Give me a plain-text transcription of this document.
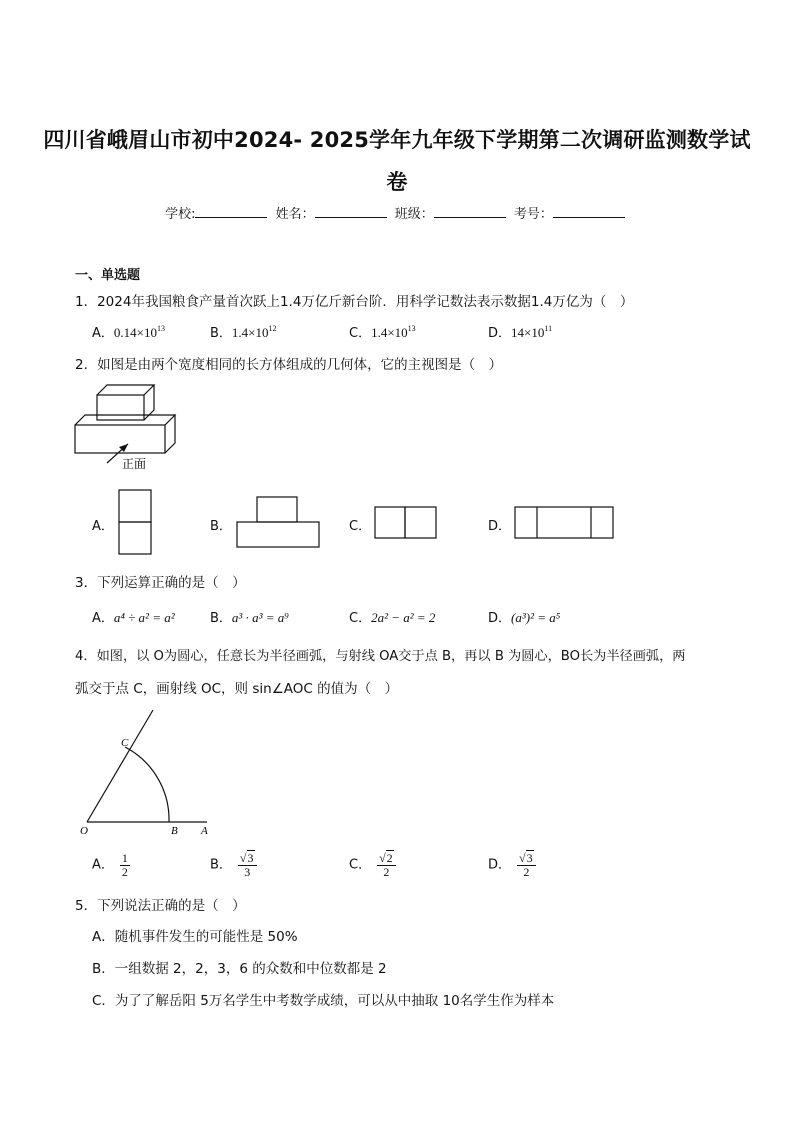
四川省峨眉山市初中2024- 2025学年九年级下学期第二次调研监测数学试
卷
学校:	姓名：	班级：	考号：
一、单选题
1．2024年我国粮食产量首次跃上1.4万亿斤新台阶．用科学记数法表示数据1.4万亿为（　）
A．$0.14\times 10^{13}$	B．$1.4\times 10^{12}$	C．$1.4\times 10^{13}$	D．$14\times 10^{11}$
2．如图是由两个宽度相同的长方体组成的几何体，它的主视图是（　）
正面
A．	B．	C．	D．
3．下列运算正确的是（　）
A．a⁴ ÷ a² = a²	B．a³ · a³ = a⁹	C．2a² − a² = 2	D．(a³)² = a⁵
4．如图，以 O为圆心，任意长为半径画弧，与射线 OA交于点 B，再以 B 为圆心，BO长为半径画弧，两
弧交于点 C，画射线 OC，则 sin∠AOC 的值为（　）
O	B A
C
A． $\frac{1}{2}$	B． $\frac{√3}{3}$	C． $\frac{√2}{2}$	D． $\frac{√3}{2}$
5．下列说法正确的是（　）
A．随机事件发生的可能性是 50%
B．一组数据 2，2，3，6 的众数和中位数都是 2
C．为了了解岳阳 5万名学生中考数学成绩，可以从中抽取 10名学生作为样本
